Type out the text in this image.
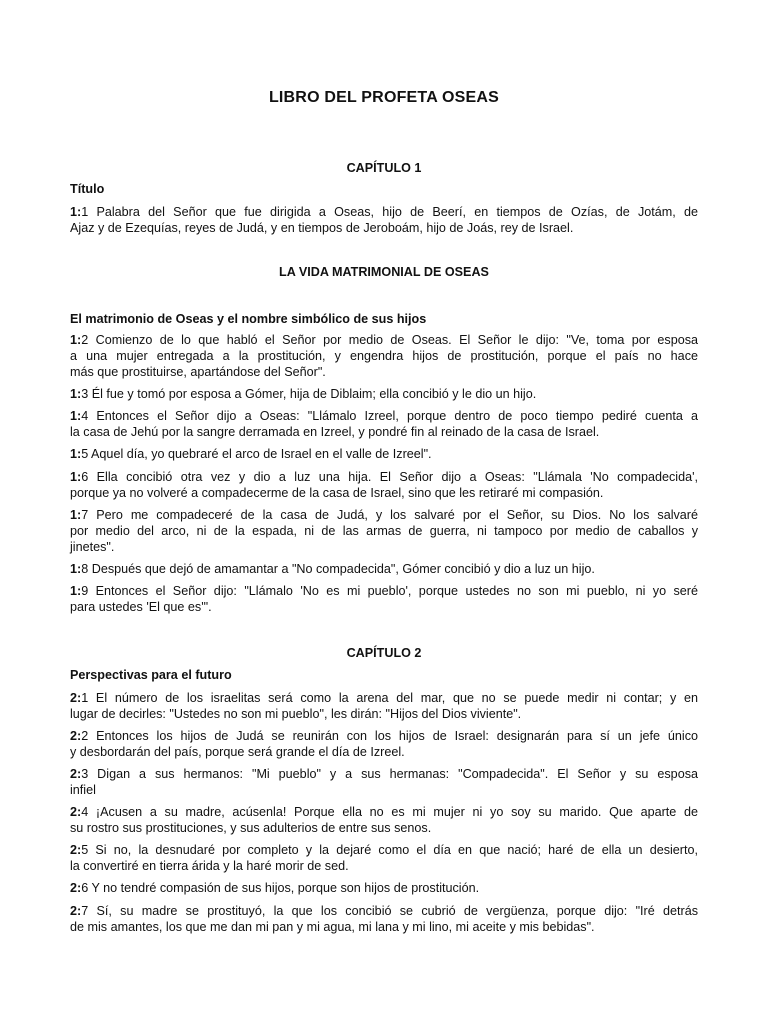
LIBRO DEL PROFETA OSEAS
CAPÍTULO 1
Título
1:1 Palabra del Señor que fue dirigida a Oseas, hijo de Beerí, en tiempos de Ozías, de Jotám, de
Ajaz y de Ezequías, reyes de Judá, y en tiempos de Jeroboám, hijo de Joás, rey de Israel.
LA VIDA MATRIMONIAL DE OSEAS
El matrimonio de Oseas y el nombre simbólico de sus hijos
1:2 Comienzo de lo que habló el Señor por medio de Oseas. El Señor le dijo: "Ve, toma por esposa
a una mujer entregada a la prostitución, y engendra hijos de prostitución, porque el país no hace
más que prostituirse, apartándose del Señor".
1:3 Él fue y tomó por esposa a Gómer, hija de Diblaim; ella concibió y le dio un hijo.
1:4 Entonces el Señor dijo a Oseas: "Llámalo Izreel, porque dentro de poco tiempo pediré cuenta a
la casa de Jehú por la sangre derramada en Izreel, y pondré fin al reinado de la casa de Israel.
1:5 Aquel día, yo quebraré el arco de Israel en el valle de Izreel".
1:6 Ella concibió otra vez y dio a luz una hija. El Señor dijo a Oseas: "Llámala 'No compadecida',
porque ya no volveré a compadecerme de la casa de Israel, sino que les retiraré mi compasión.
1:7 Pero me compadeceré de la casa de Judá, y los salvaré por el Señor, su Dios. No los salvaré
por medio del arco, ni de la espada, ni de las armas de guerra, ni tampoco por medio de caballos y
jinetes".
1:8 Después que dejó de amamantar a "No compadecida", Gómer concibió y dio a luz un hijo.
1:9 Entonces el Señor dijo: "Llámalo 'No es mi pueblo', porque ustedes no son mi pueblo, ni yo seré
para ustedes 'El que es'".
CAPÍTULO 2
Perspectivas para el futuro
2:1 El número de los israelitas será como la arena del mar, que no se puede medir ni contar; y en
lugar de decirles: "Ustedes no son mi pueblo", les dirán: "Hijos del Dios viviente".
2:2 Entonces los hijos de Judá se reunirán con los hijos de Israel: designarán para sí un jefe único
y desbordarán del país, porque será grande el día de Izreel.
2:3 Digan a sus hermanos: "Mi pueblo" y a sus hermanas: "Compadecida". El Señor y su esposa
infiel
2:4 ¡Acusen a su madre, acúsenla! Porque ella no es mi mujer ni yo soy su marido. Que aparte de
su rostro sus prostituciones, y sus adulterios de entre sus senos.
2:5 Si no, la desnudaré por completo y la dejaré como el día en que nació; haré de ella un desierto,
la convertiré en tierra árida y la haré morir de sed.
2:6 Y no tendré compasión de sus hijos, porque son hijos de prostitución.
2:7 Sí, su madre se prostituyó, la que los concibió se cubrió de vergüenza, porque dijo: "Iré detrás
de mis amantes, los que me dan mi pan y mi agua, mi lana y mi lino, mi aceite y mis bebidas".
